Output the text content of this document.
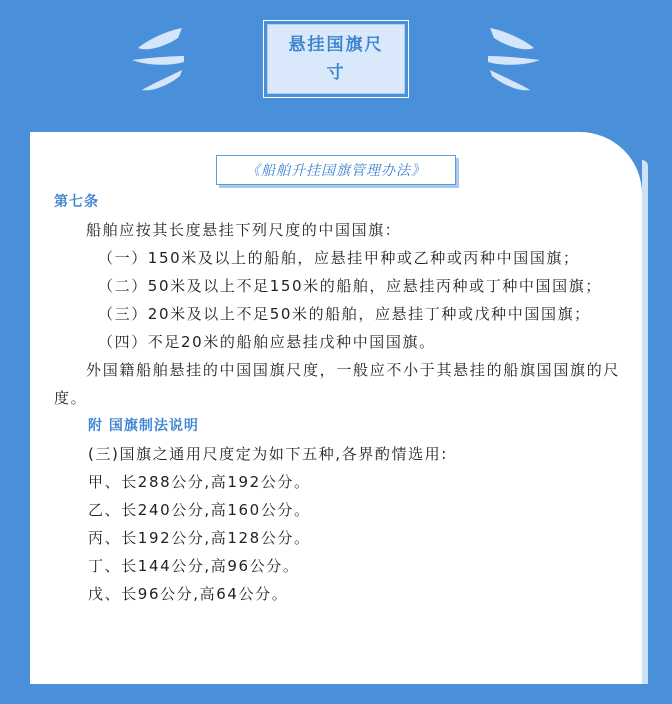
悬挂国旗尺寸
《船舶升挂国旗管理办法》

第七条

船舶应按其长度悬挂下列尺度的中国国旗：

（一）150米及以上的船舶，应悬挂甲种或乙种或丙种中国国旗；

（二）50米及以上不足150米的船舶，应悬挂丙种或丁种中国国旗；

（三）20米及以上不足50米的船舶，应悬挂丁种或戊种中国国旗；

（四）不足20米的船舶应悬挂戊种中国国旗。

外国籍船舶悬挂的中国国旗尺度，一般应不小于其悬挂的船旗国国旗的尺度。

附 国旗制法说明

(三)国旗之通用尺度定为如下五种,各界酌情选用:

甲、长288公分,高192公分。

乙、长240公分,高160公分。

丙、长192公分,高128公分。

丁、长144公分,高96公分。

戊、长96公分,高64公分。
